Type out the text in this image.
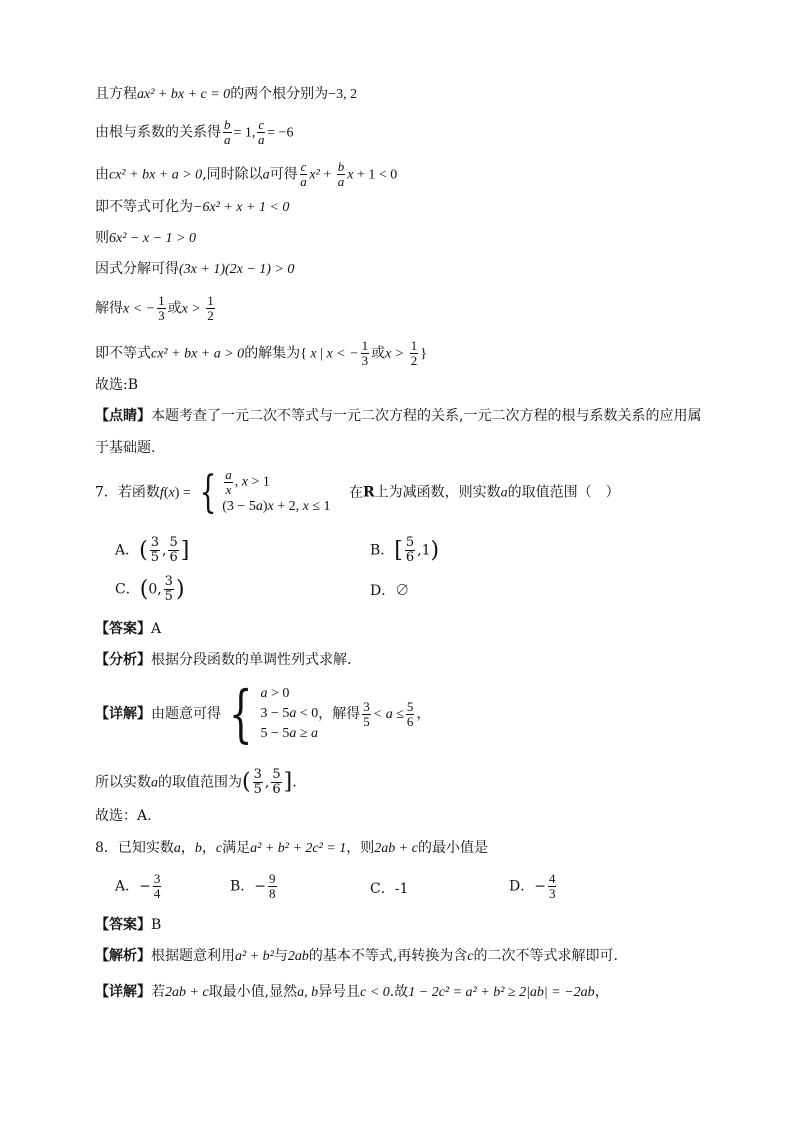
且方程ax² + bx + c = 0的两个根分别为−3, 2
由根与系数的关系得 $\frac{b}{a} = 1$, $\frac{c}{a} = -6$
由cx² + bx + a > 0,同时除以a可得 $\frac{c}{a} x^2 + \frac{b}{a}$ x + 1 < 0
即不等式可化为−6x² + x + 1 < 0
则6x² − x − 1 > 0
因式分解可得(3x + 1)(2x − 1) > 0
解得x < − $\frac{1}{3}$ 或$x > \frac{1}{2}$
即不等式cx² + bx + a > 0的解集为{ x | x < − $\frac{1}{3}$ 或$x > \frac{1}{2}$ }
故选:B
【点睛】本题考查了一元二次不等式与一元二次方程的关系,一元二次方程的根与系数关系的应用属
于基础题.
7．若函数f(x) = { $\frac{a}{x}$ , x > 1
(3 − 5a)x + 2, x ≤ 1
在R上为减函数，则实数a的取值范围（　）
A．( $\frac{3}{5}$ , $\frac{5}{6}$ ]	B．[ $\frac{5}{6} ,1$)
C．(0, $\frac{3}{5}$ )	D．∅
【答案】A
【分析】根据分段函数的单调性列式求解.
【详解】由题意可得 { a > 0
3 − 5a < 0
5 − 5a ≥ a
，解得 $\frac{3}{5} < a \le \frac{5}{6}$ ，
所以实数a的取值范围为( $\frac{3}{5}$ , $\frac{5}{6}$ ].
故选：A.
8．已知实数a，b，c满足a² + b² + 2c² = 1，则2ab + c的最小值是
A．− $\frac{3}{4}$	B．− $\frac{9}{8}$	C．-1	D．− $\frac{4}{3}$
【答案】B
【解析】根据题意利用a² + b²与2ab的基本不等式,再转换为含c的二次不等式求解即可.
【详解】若2ab + c取最小值,显然a, b异号且c < 0.故1 − 2c² = a² + b² ≥ 2|ab| = −2ab，
